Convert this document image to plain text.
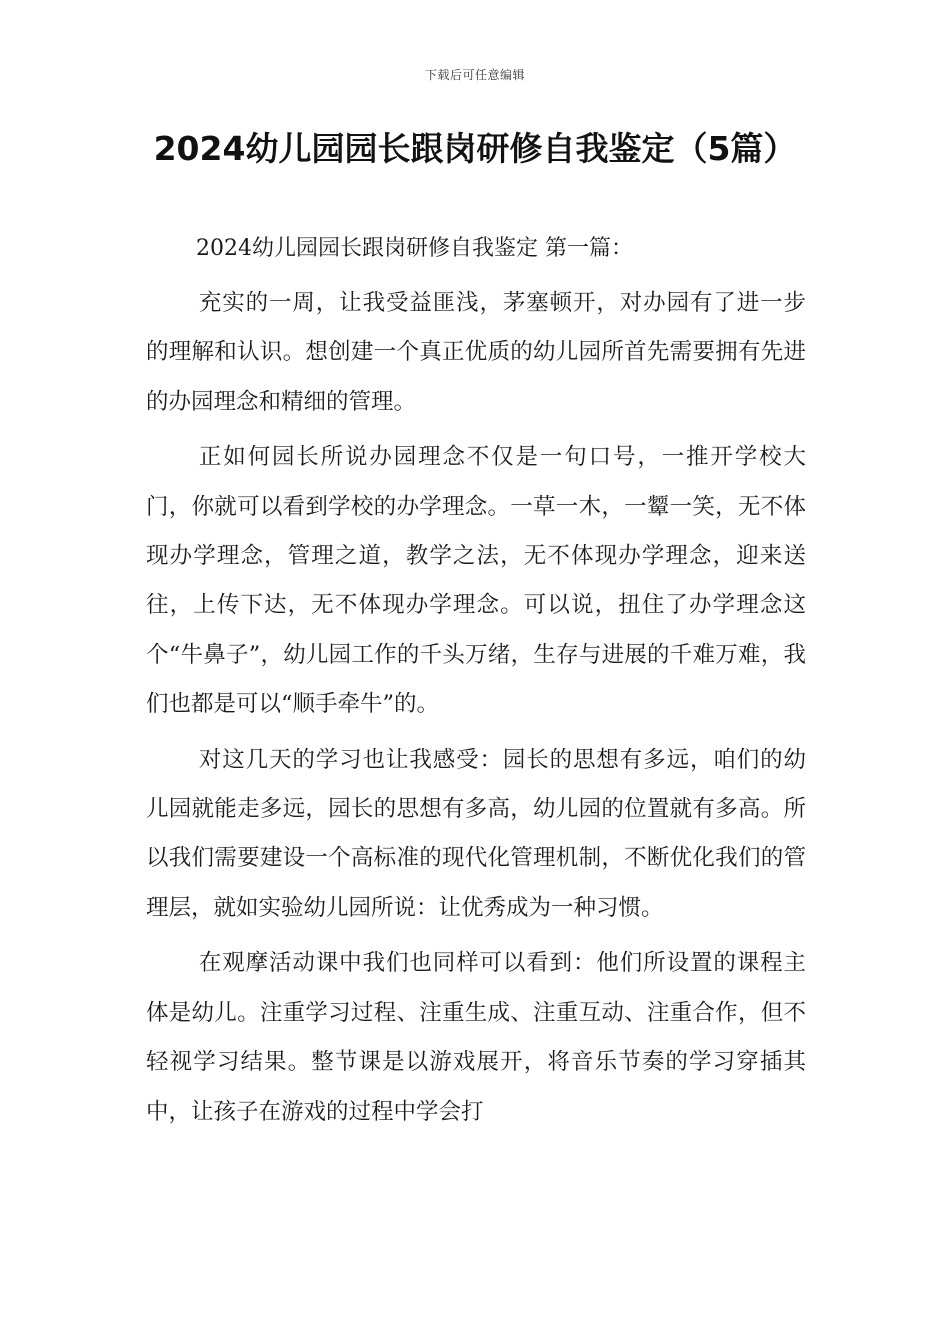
下载后可任意编辑
2024幼儿园园长跟岗研修自我鉴定（5篇）
2024幼儿园园长跟岗研修自我鉴定 第一篇：

充实的一周，让我受益匪浅，茅塞顿开，对办园有了进一步的理解和认识。想创建一个真正优质的幼儿园所首先需要拥有先进的办园理念和精细的管理。

正如何园长所说办园理念不仅是一句口号，一推开学校大门，你就可以看到学校的办学理念。一草一木，一颦一笑，无不体现办学理念，管理之道，教学之法，无不体现办学理念，迎来送往，上传下达，无不体现办学理念。可以说，扭住了办学理念这个“牛鼻子”，幼儿园工作的千头万绪，生存与进展的千难万难，我们也都是可以“顺手牵牛”的。

对这几天的学习也让我感受：园长的思想有多远，咱们的幼儿园就能走多远，园长的思想有多高，幼儿园的位置就有多高。所以我们需要建设一个高标准的现代化管理机制，不断优化我们的管理层，就如实验幼儿园所说：让优秀成为一种习惯。

在观摩活动课中我们也同样可以看到：他们所设置的课程主体是幼儿。注重学习过程、注重生成、注重互动、注重合作，但不轻视学习结果。整节课是以游戏展开，将音乐节奏的学习穿插其中，让孩子在游戏的过程中学会打
